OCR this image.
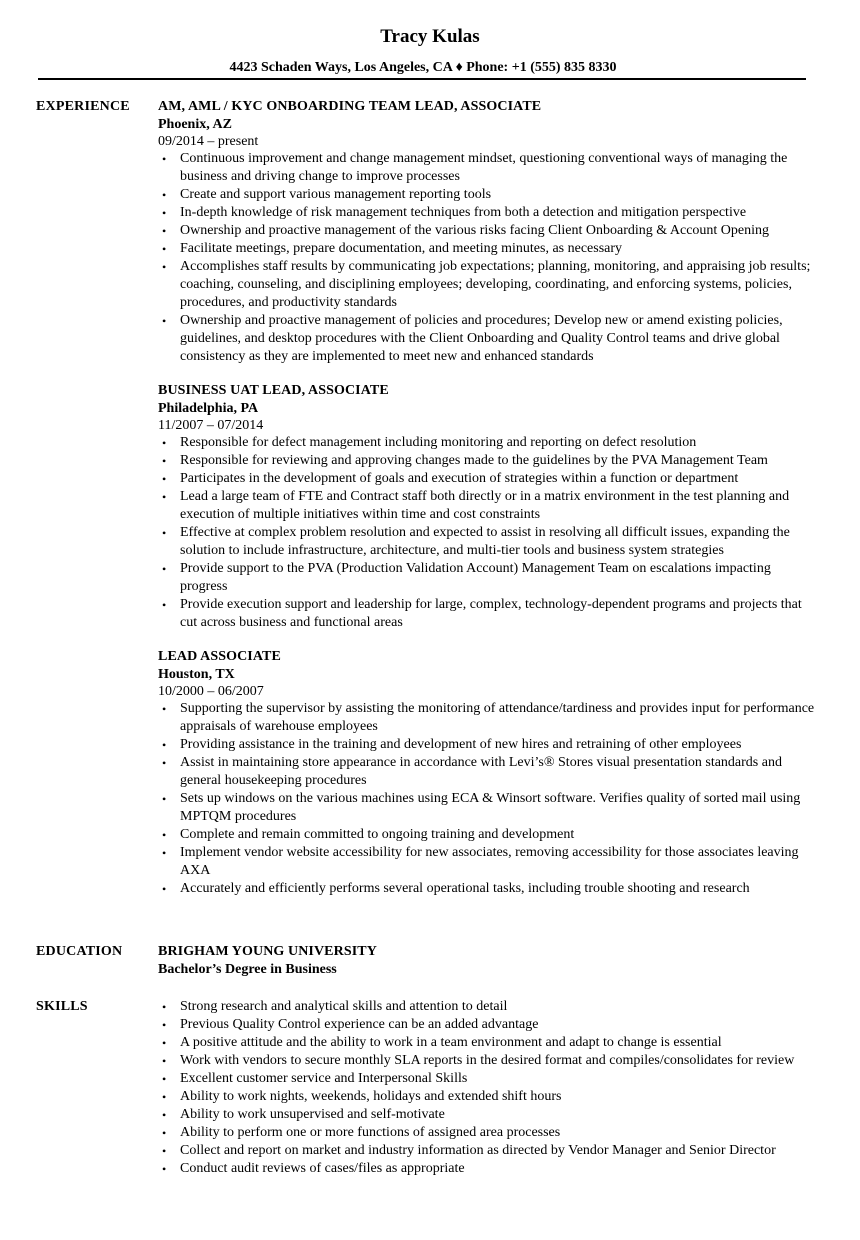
Tracy Kulas
4423 Schaden Ways, Los Angeles, CA ♦ Phone: +1 (555) 835 8330
EXPERIENCE AM, AML / KYC ONBOARDING TEAM LEAD, ASSOCIATE
Phoenix, AZ
09/2014 – present
• Continuous improvement and change management mindset, questioning conventional ways of managing the business and driving change to improve processes
• Create and support various management reporting tools
• In-depth knowledge of risk management techniques from both a detection and mitigation perspective
• Ownership and proactive management of the various risks facing Client Onboarding & Account Opening
• Facilitate meetings, prepare documentation, and meeting minutes, as necessary
• Accomplishes staff results by communicating job expectations; planning, monitoring, and appraising job results; coaching, counseling, and disciplining employees; developing, coordinating, and enforcing systems, policies, procedures, and productivity standards
• Ownership and proactive management of policies and procedures; Develop new or amend existing policies, guidelines, and desktop procedures with the Client Onboarding and Quality Control teams and drive global consistency as they are implemented to meet new and enhanced standards
BUSINESS UAT LEAD, ASSOCIATE
Philadelphia, PA
11/2007 – 07/2014
• Responsible for defect management including monitoring and reporting on defect resolution
• Responsible for reviewing and approving changes made to the guidelines by the PVA Management Team
• Participates in the development of goals and execution of strategies within a function or department
• Lead a large team of FTE and Contract staff both directly or in a matrix environment in the test planning and execution of multiple initiatives within time and cost constraints
• Effective at complex problem resolution and expected to assist in resolving all difficult issues, expanding the solution to include infrastructure, architecture, and multi-tier tools and business system strategies
• Provide support to the PVA (Production Validation Account) Management Team on escalations impacting progress
• Provide execution support and leadership for large, complex, technology-dependent programs and projects that cut across business and functional areas
LEAD ASSOCIATE
Houston, TX
10/2000 – 06/2007
• Supporting the supervisor by assisting the monitoring of attendance/tardiness and provides input for performance appraisals of warehouse employees
• Providing assistance in the training and development of new hires and retraining of other employees
• Assist in maintaining store appearance in accordance with Levi’s® Stores visual presentation standards and general housekeeping procedures
• Sets up windows on the various machines using ECA & Winsort software. Verifies quality of sorted mail using MPTQM procedures
• Complete and remain committed to ongoing training and development
• Implement vendor website accessibility for new associates, removing accessibility for those associates leaving AXA
• Accurately and efficiently performs several operational tasks, including trouble shooting and research
EDUCATION	BRIGHAM YOUNG UNIVERSITY
Bachelor’s Degree in Business
SKILLS	• Strong research and analytical skills and attention to detail
• Previous Quality Control experience can be an added advantage
• A positive attitude and the ability to work in a team environment and adapt to change is essential
• Work with vendors to secure monthly SLA reports in the desired format and compiles/consolidates for review
• Excellent customer service and Interpersonal Skills
• Ability to work nights, weekends, holidays and extended shift hours
• Ability to work unsupervised and self-motivate
• Ability to perform one or more functions of assigned area processes
• Collect and report on market and industry information as directed by Vendor Manager and Senior Director
• Conduct audit reviews of cases/files as appropriate
